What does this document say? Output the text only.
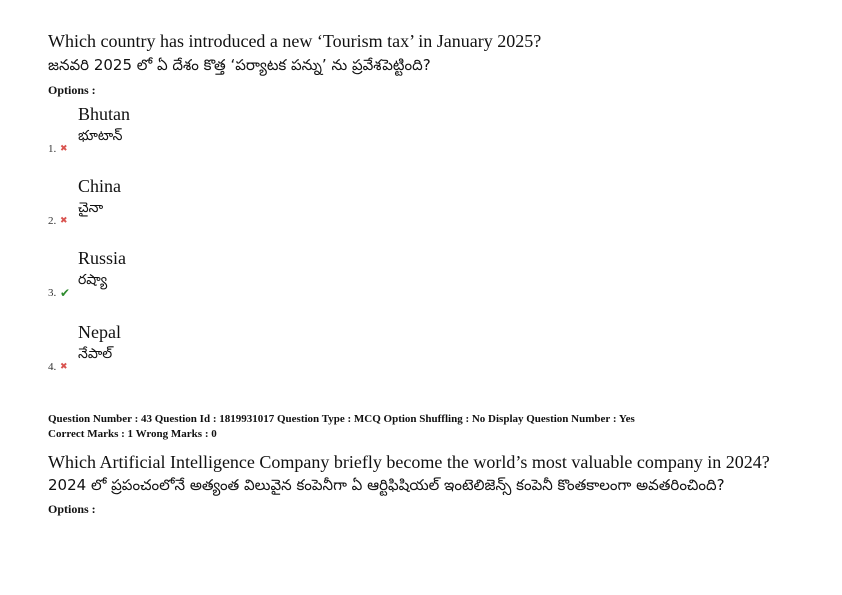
Which country has introduced a new ‘Tourism tax’ in January 2025?
జనవరి 2025 లో ఏ దేశం కొత్త ‘పర్యాటక పన్ను’ ను ప్రవేశపెట్టింది?
Options :
Bhutan
భూటాన్
1. ✖
China
చైనా
2. ✖
Russia
రష్యా
3. ✔
Nepal
నేపాల్
4. ✖
Question Number : 43 Question Id : 1819931017 Question Type : MCQ Option Shuffling : No Display Question Number : Yes
Correct Marks : 1 Wrong Marks : 0
Which Artificial Intelligence Company briefly become the world’s most valuable company in 2024?
2024 లో ప్రపంచంలోనే అత్యంత విలువైన కంపెనీగా ఏ ఆర్టిఫిషియల్ ఇంటెలిజెన్స్ కంపెనీ కొంతకాలంగా అవతరించింది?
Options :
